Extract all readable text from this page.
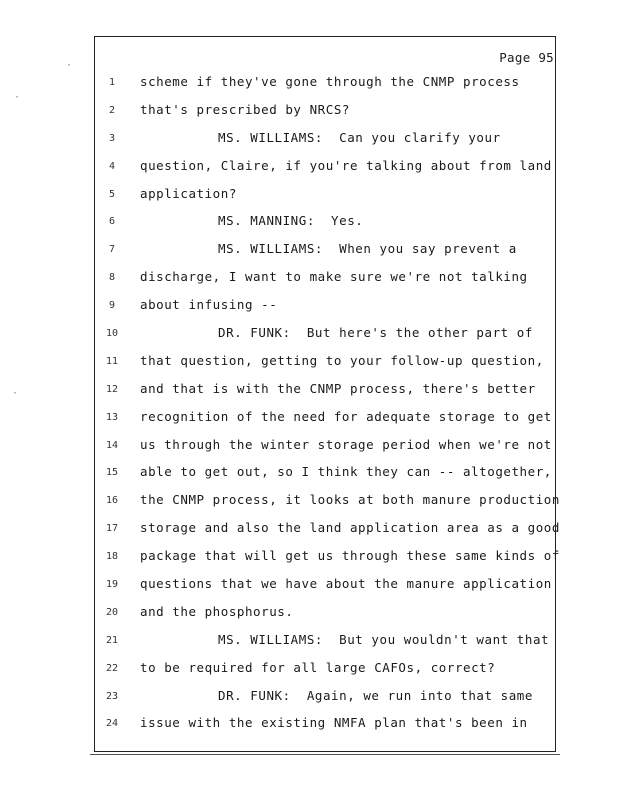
·
·
·
Page 95
1	scheme if they've gone through the CNMP process
2	that's prescribed by NRCS?
3	MS. WILLIAMS:  Can you clarify your
4	question, Claire, if you're talking about from land
5	application?
6	MS. MANNING:  Yes.
7	MS. WILLIAMS:  When you say prevent a
8	discharge, I want to make sure we're not talking
9	about infusing --
10	DR. FUNK:  But here's the other part of
11	that question, getting to your follow-up question,
12	and that is with the CNMP process, there's better
13	recognition of the need for adequate storage to get
14	us through the winter storage period when we're not
15	able to get out, so I think they can -- altogether,
16	the CNMP process, it looks at both manure production
17	storage and also the land application area as a good
18	package that will get us through these same kinds of
19	questions that we have about the manure application
20	and the phosphorus.
21	MS. WILLIAMS:  But you wouldn't want that
22	to be required for all large CAFOs, correct?
23	DR. FUNK:  Again, we run into that same
24	issue with the existing NMFA plan that's been in
